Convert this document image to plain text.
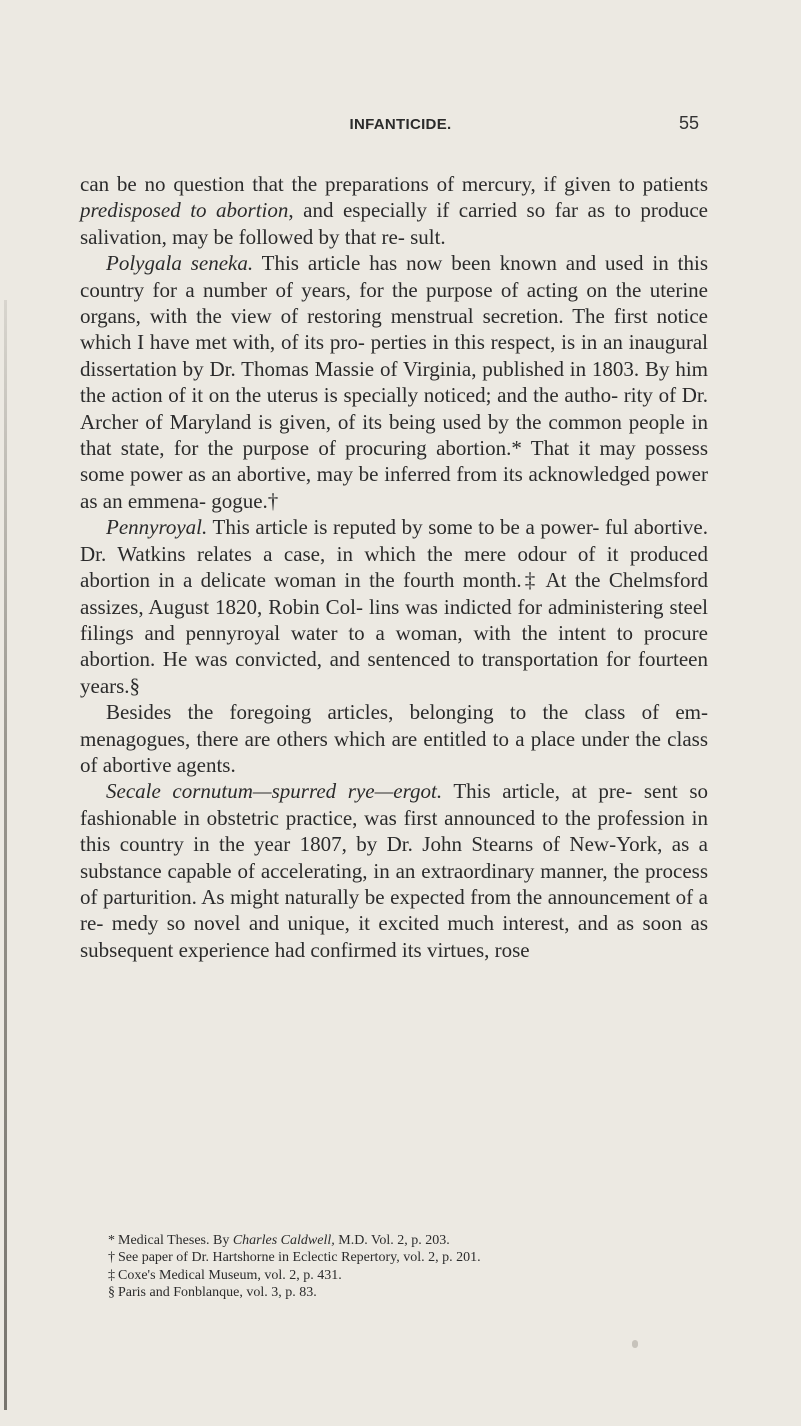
INFANTICIDE.	55

can be no question that the preparations of mercury, if given to patients predisposed to abortion, and especially if carried so far as to produce salivation, may be followed by that re- sult.

Polygala seneka. This article has now been known and used in this country for a number of years, for the purpose of acting on the uterine organs, with the view of restoring menstrual secretion. The first notice which I have met with, of its pro- perties in this respect, is in an inaugural dissertation by Dr. Thomas Massie of Virginia, published in 1803. By him the action of it on the uterus is specially noticed; and the autho- rity of Dr. Archer of Maryland is given, of its being used by the common people in that state, for the purpose of procuring abortion.* That it may possess some power as an abortive, may be inferred from its acknowledged power as an emmena- gogue.†

Pennyroyal. This article is reputed by some to be a power- ful abortive. Dr. Watkins relates a case, in which the mere odour of it produced abortion in a delicate woman in the fourth month.‡ At the Chelmsford assizes, August 1820, Robin Col- lins was indicted for administering steel filings and pennyroyal water to a woman, with the intent to procure abortion. He was convicted, and sentenced to transportation for fourteen years.§

Besides the foregoing articles, belonging to the class of em- menagogues, there are others which are entitled to a place under the class of abortive agents.

Secale cornutum—spurred rye—ergot. This article, at pre- sent so fashionable in obstetric practice, was first announced to the profession in this country in the year 1807, by Dr. John Stearns of New-York, as a substance capable of accelerating, in an extraordinary manner, the process of parturition. As might naturally be expected from the announcement of a re- medy so novel and unique, it excited much interest, and as soon as subsequent experience had confirmed its virtues, rose

* Medical Theses. By Charles Caldwell, M.D. Vol. 2, p. 203.
† See paper of Dr. Hartshorne in Eclectic Repertory, vol. 2, p. 201.
‡ Coxe's Medical Museum, vol. 2, p. 431.
§ Paris and Fonblanque, vol. 3, p. 83.
